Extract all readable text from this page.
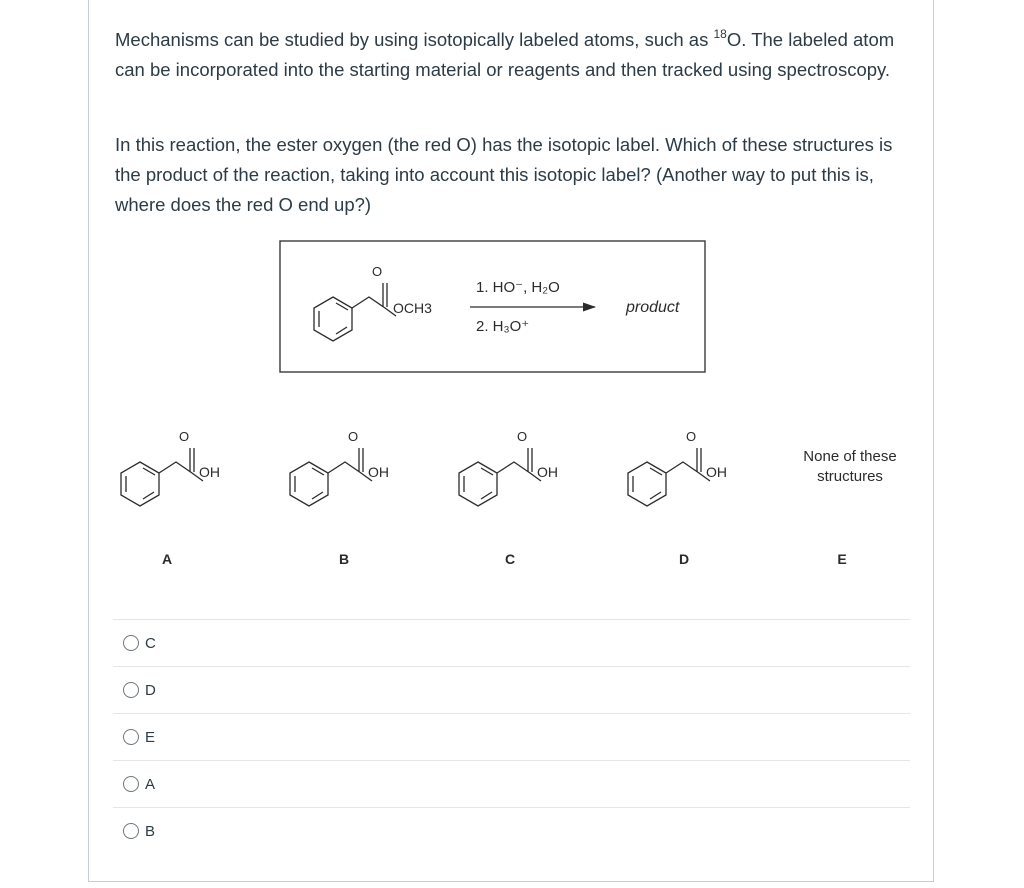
Mechanisms can be studied by using isotopically labeled atoms, such as $^{18}$O. The labeled atom can be incorporated into the starting material or reagents and then tracked using spectroscopy.

In this reaction, the ester oxygen (the red O) has the isotopic label. Which of these structures is the product of the reaction, taking into account this isotopic label? (Another way to put this is, where does the red O end up?)

O
OCH3
1. HO⁻, H₂O
2. H₃O⁺
product
O
OH
A
O
OH
B
O
OH
C
O
OH
D
None of these
structures
E
C
D
E
A
B
